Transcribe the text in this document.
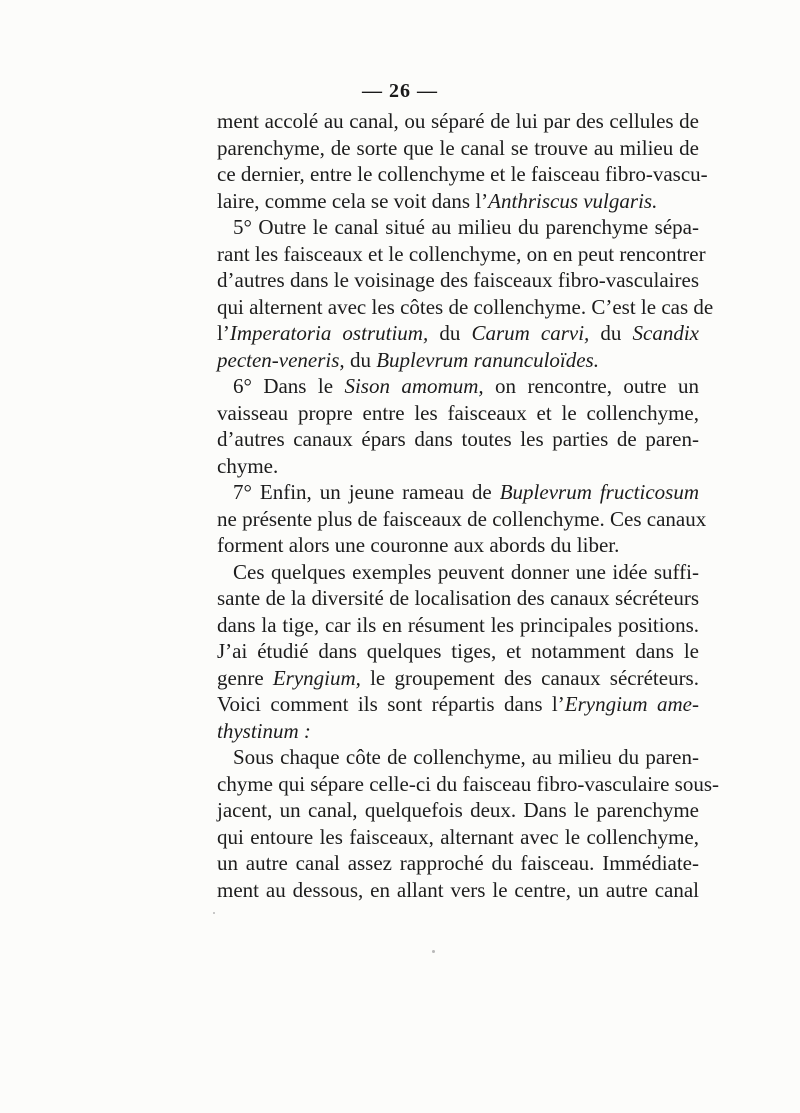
— 26 —
ment accolé au canal, ou séparé de lui par des cellules de
parenchyme, de sorte que le canal se trouve au milieu de
ce dernier, entre le collenchyme et le faisceau fibro-vascu-
laire, comme cela se voit dans l’Anthriscus vulgaris.
5° Outre le canal situé au milieu du parenchyme sépa-
rant les faisceaux et le collenchyme, on en peut rencontrer
d’autres dans le voisinage des faisceaux fibro-vasculaires
qui alternent avec les côtes de collenchyme. C’est le cas de
l’Imperatoria ostrutium, du Carum carvi, du Scandix
pecten-veneris, du Buplevrum ranunculoïdes.
6° Dans le Sison amomum, on rencontre, outre un
vaisseau propre entre les faisceaux et le collenchyme,
d’autres canaux épars dans toutes les parties de paren-
chyme.
7° Enfin, un jeune rameau de Buplevrum fructicosum
ne présente plus de faisceaux de collenchyme. Ces canaux
forment alors une couronne aux abords du liber.
Ces quelques exemples peuvent donner une idée suffi-
sante de la diversité de localisation des canaux sécréteurs
dans la tige, car ils en résument les principales positions.
J’ai étudié dans quelques tiges, et notamment dans le
genre Eryngium, le groupement des canaux sécréteurs.
Voici comment ils sont répartis dans l’Eryngium ame-
thystinum :
Sous chaque côte de collenchyme, au milieu du paren-
chyme qui sépare celle-ci du faisceau fibro-vasculaire sous-
jacent, un canal, quelquefois deux. Dans le parenchyme
qui entoure les faisceaux, alternant avec le collenchyme,
un autre canal assez rapproché du faisceau. Immédiate-
ment au dessous, en allant vers le centre, un autre canal
